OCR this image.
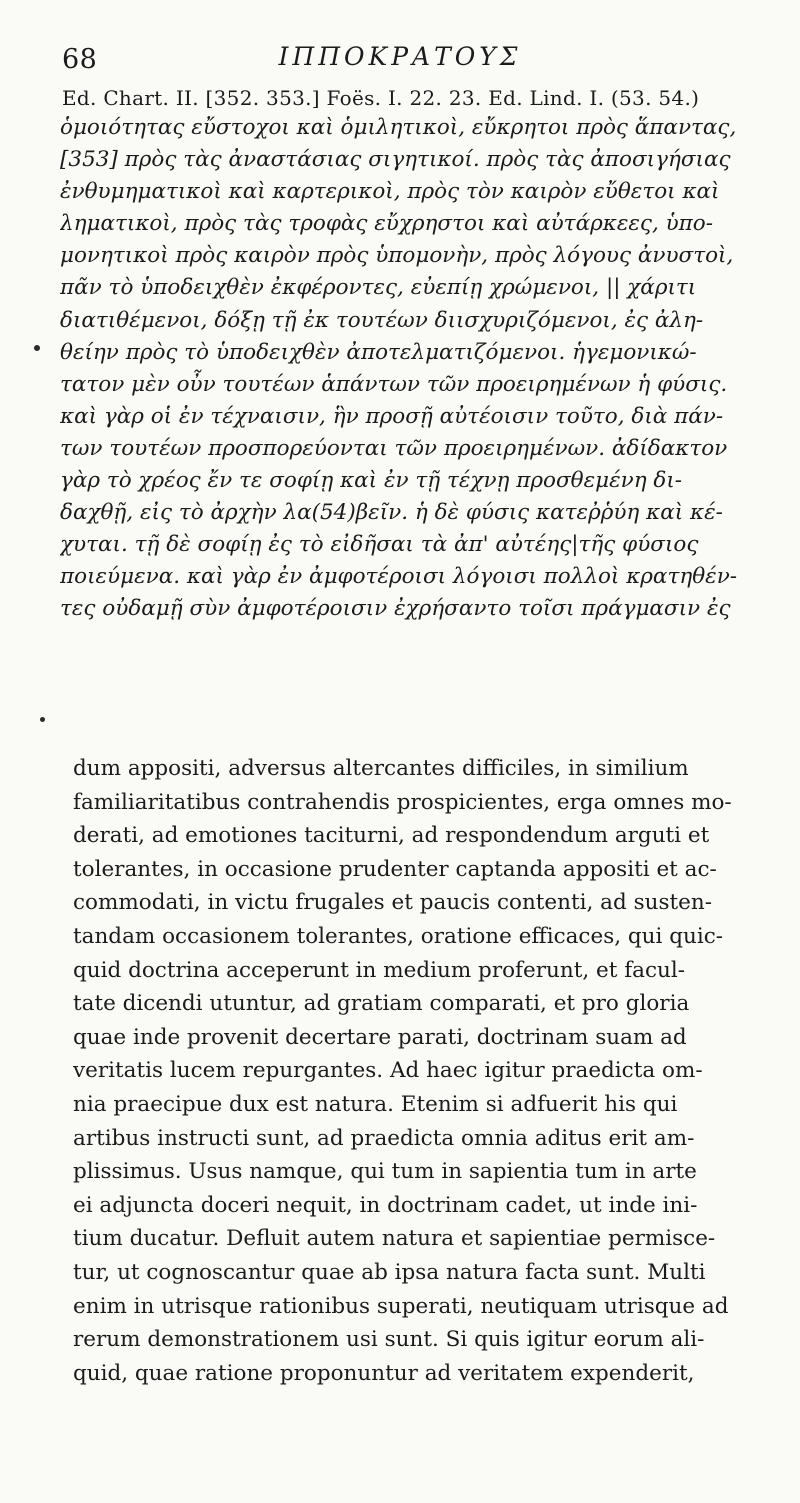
68	ΙΠΠΟΚΡΑΤΟΥΣ
Ed. Chart. II. [352. 353.] Foës. I. 22. 23. Ed. Lind. I. (53. 54.)
ὁμοιότητας εὔστοχοι καὶ ὁμιλητικοὶ, εὔκρητοι πρὸς ἅπαντας,
[353] πρὸς τὰς ἀναστάσιας σιγητικοί. πρὸς τὰς ἀποσιγήσιας
ἐνθυμηματικοὶ καὶ καρτερικοὶ, πρὸς τὸν καιρὸν εὔθετοι καὶ
ληματικοὶ, πρὸς τὰς τροφὰς εὔχρηστοι καὶ αὐτάρκεες, ὑπο-
μονητικοὶ πρὸς καιρὸν πρὸς ὑπομονὴν, πρὸς λόγους ἀνυστοὶ,
πᾶν τὸ ὑποδειχθὲν ἐκφέροντες, εὐεπίῃ χρώμενοι, || χάριτι
διατιθέμενοι, δόξῃ τῇ ἐκ τουτέων διισχυριζόμενοι, ἐς ἀλη-
θείην πρὸς τὸ ὑποδειχθὲν ἀποτελματιζόμενοι. ἡγεμονικώ-
τατον μὲν οὖν τουτέων ἁπάντων τῶν προειρημένων ἡ φύσις.
καὶ γὰρ οἱ ἐν τέχναισιν, ἣν προσῇ αὐτέοισιν τοῦτο, διὰ πάν-
των τουτέων προσπορεύονται τῶν προειρημένων. ἀδίδακτον
γὰρ τὸ χρέος ἔν τε σοφίῃ καὶ ἐν τῇ τέχνῃ προσθεμένη δι-
δαχθῇ, εἰς τὸ ἀρχὴν λα(54)βεῖν. ἡ δὲ φύσις κατεῤῥύη καὶ κέ-
χυται. τῇ δὲ σοφίῃ ἐς τὸ εἰδῆσαι τὰ ἀπ' αὐτέης|τῆς φύσιος
ποιεύμενα. καὶ γὰρ ἐν ἀμφοτέροισι λόγοισι πολλοὶ κρατηθέν-
τες οὐδαμῇ σὺν ἀμφοτέροισιν ἐχρήσαντο τοῖσι πράγμασιν ἐς
dum appositi, adversus altercantes difficiles, in similium
familiaritatibus contrahendis prospicientes, erga omnes mo-
derati, ad emotiones taciturni, ad respondendum arguti et
tolerantes, in occasione prudenter captanda appositi et ac-
commodati, in victu frugales et paucis contenti, ad susten-
tandam occasionem tolerantes, oratione efficaces, qui quic-
quid doctrina acceperunt in medium proferunt, et facul-
tate dicendi utuntur, ad gratiam comparati, et pro gloria
quae inde provenit decertare parati, doctrinam suam ad
veritatis lucem repurgantes. Ad haec igitur praedicta om-
nia praecipue dux est natura. Etenim si adfuerit his qui
artibus instructi sunt, ad praedicta omnia aditus erit am-
plissimus. Usus namque, qui tum in sapientia tum in arte
ei adjuncta doceri nequit, in doctrinam cadet, ut inde ini-
tium ducatur. Defluit autem natura et sapientiae permisce-
tur, ut cognoscantur quae ab ipsa natura facta sunt. Multi
enim in utrisque rationibus superati, neutiquam utrisque ad
rerum demonstrationem usi sunt. Si quis igitur eorum ali-
quid, quae ratione proponuntur ad veritatem expenderit,
